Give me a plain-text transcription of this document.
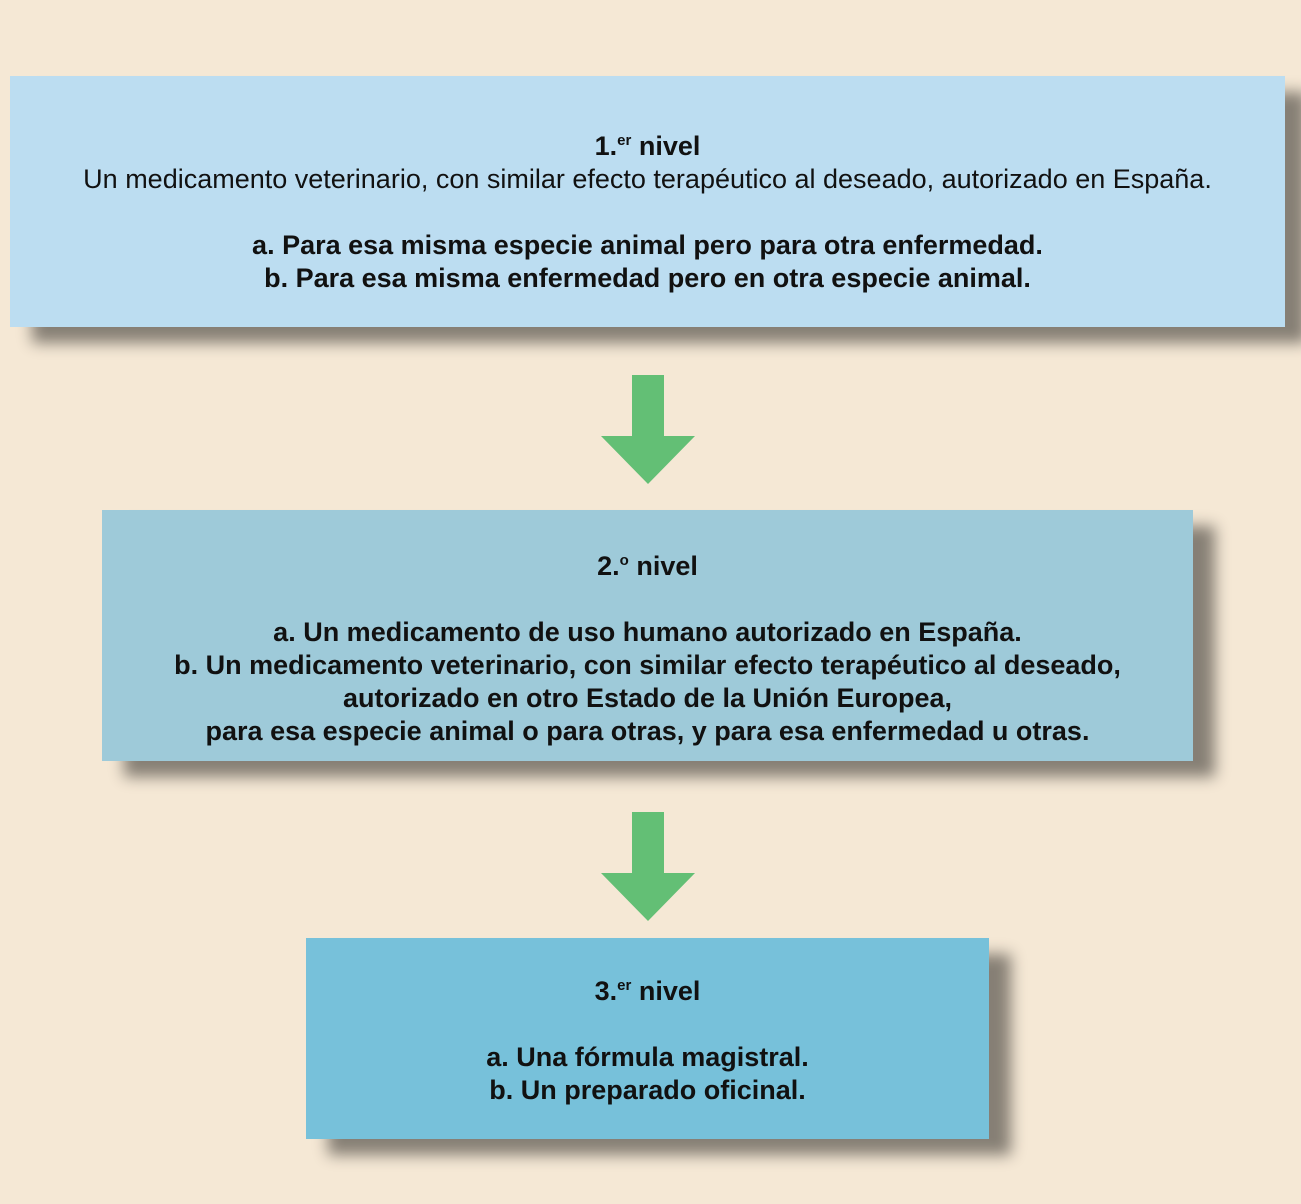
1.$^{er}$ nivel
Un medicamento veterinario, con similar efecto terapéutico al deseado, autorizado en España.
a. Para esa misma especie animal pero para otra enfermedad.
b. Para esa misma enfermedad pero en otra especie animal.
2.$^o$ nivel
a. Un medicamento de uso humano autorizado en España.
b. Un medicamento veterinario, con similar efecto terapéutico al deseado,
autorizado en otro Estado de la Unión Europea,
para esa especie animal o para otras, y para esa enfermedad u otras.
3.$^{er}$ nivel
a. Una fórmula magistral.
b. Un preparado oficinal.
